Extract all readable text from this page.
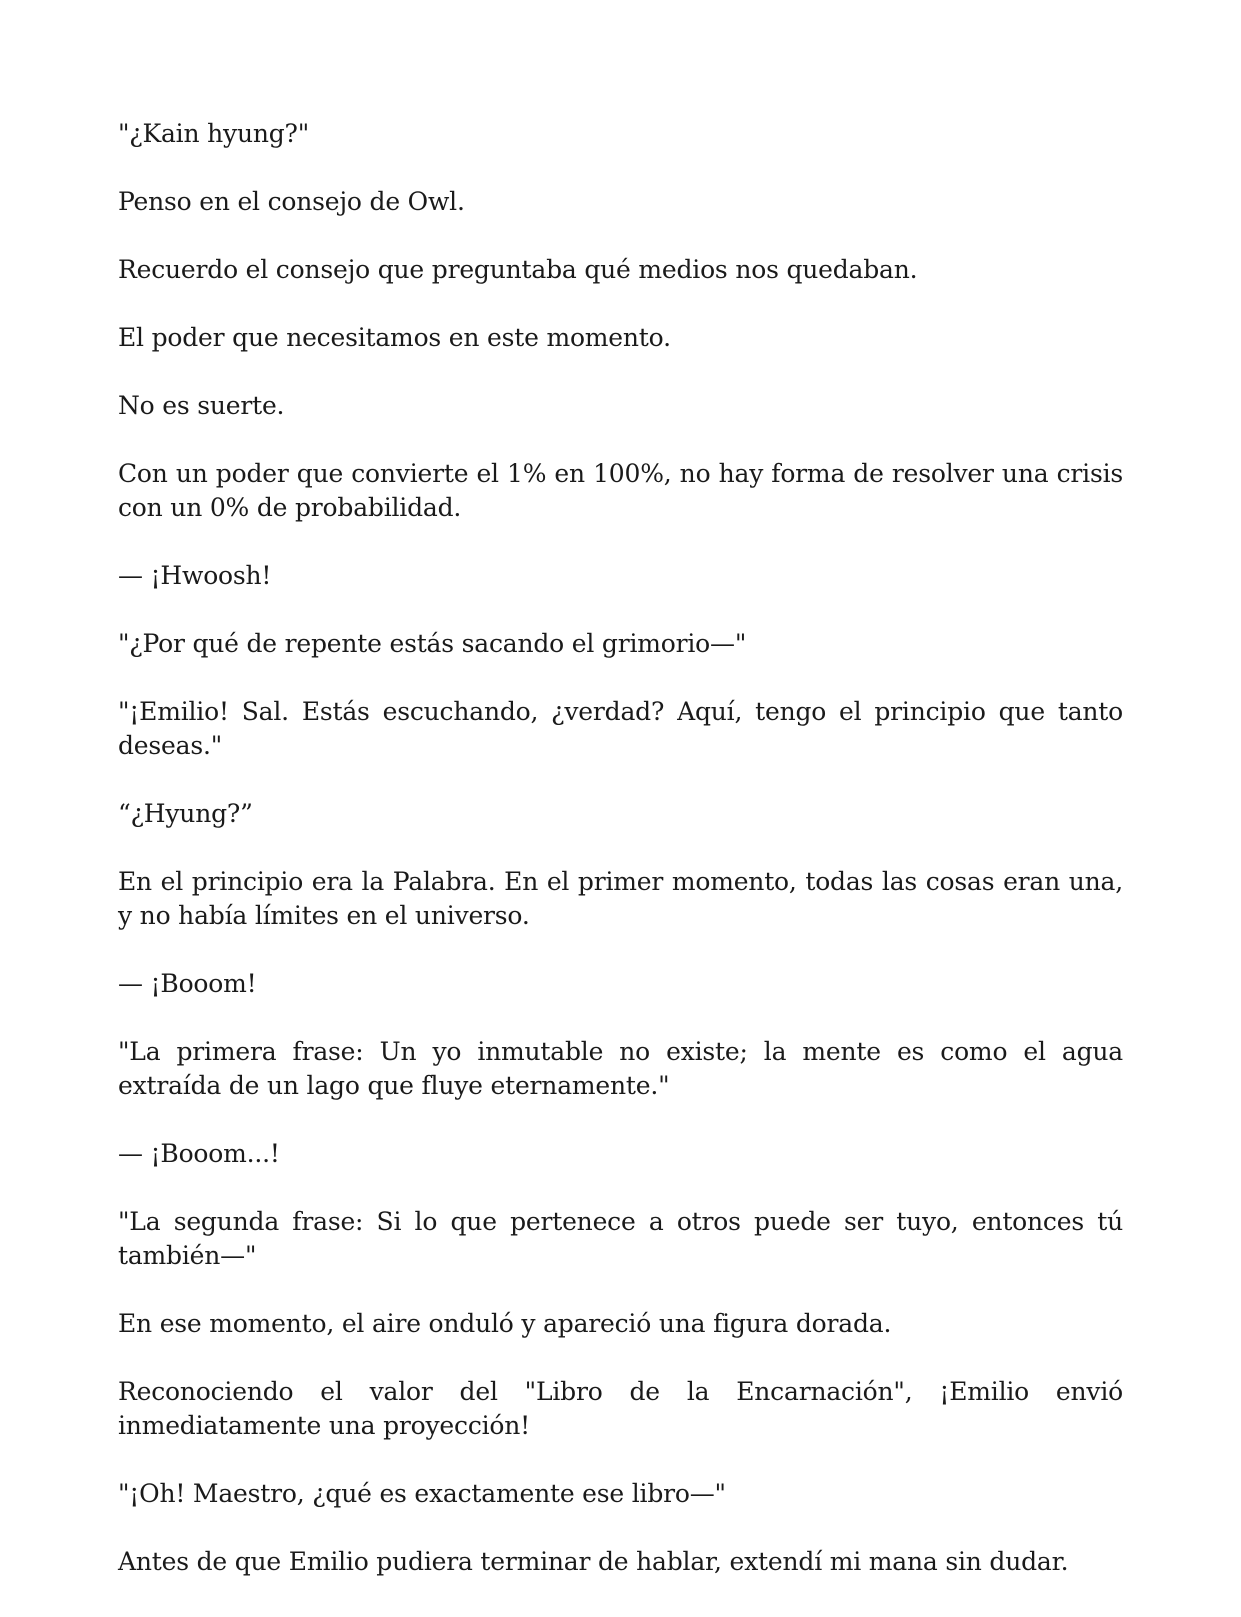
"¿Kain hyung?"

Penso en el consejo de Owl.

Recuerdo el consejo que preguntaba qué medios nos quedaban.

El poder que necesitamos en este momento.

No es suerte.

Con un poder que convierte el 1% en 100%, no hay forma de resolver una crisis con un 0% de probabilidad.

— ¡Hwoosh!

"¿Por qué de repente estás sacando el grimorio—"

"¡Emilio! Sal. Estás escuchando, ¿verdad? Aquí, tengo el principio que tanto deseas."

“¿Hyung?”

En el principio era la Palabra. En el primer momento, todas las cosas eran una, y no había límites en el universo.

— ¡Booom!

"La primera frase: Un yo inmutable no existe; la mente es como el agua extraída de un lago que fluye eternamente."

— ¡Booom...!

"La segunda frase: Si lo que pertenece a otros puede ser tuyo, entonces tú también—"

En ese momento, el aire onduló y apareció una figura dorada.

Reconociendo el valor del "Libro de la Encarnación", ¡Emilio envió inmediatamente una proyección!

"¡Oh! Maestro, ¿qué es exactamente ese libro—"

Antes de que Emilio pudiera terminar de hablar, extendí mi mana sin dudar.
